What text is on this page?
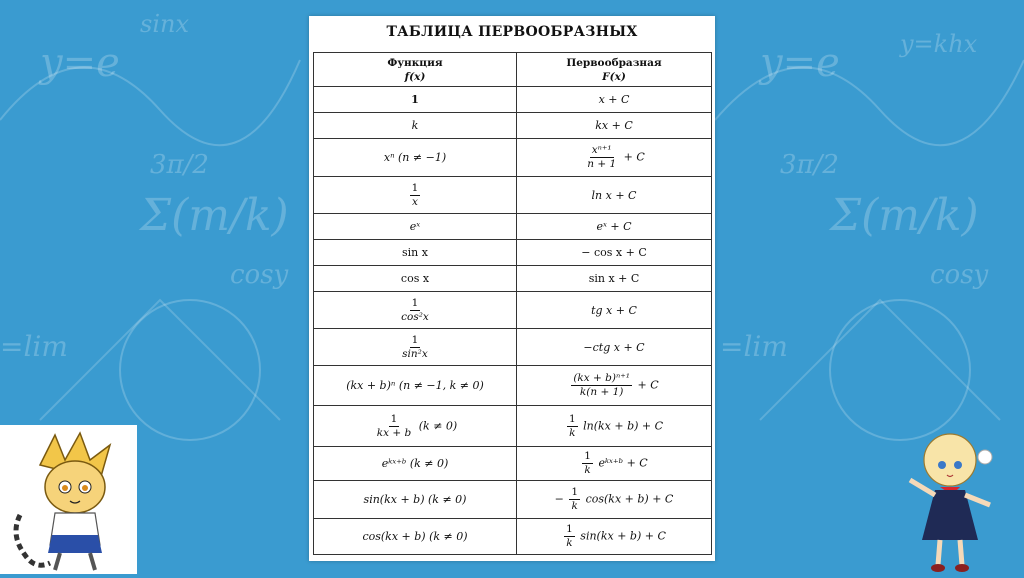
y=e
sinx
y=e	y=khx
3π/2	3π/2
Σ(m/k)	Σ(m/k)
cosy	cosy
=lim	=lim
ТАБЛИЦА ПЕРВООБРАЗНЫХ
Функция
f(x)	Первообразная
F(x)

1	x + C
k	kx + C
xⁿ (n ≠ −1)	$\frac{\text{xⁿ⁺¹}}{n + 1} + C$

$\frac{1}{x}$	ln x + C
eˣ	eˣ + C
sin x	− cos x + C
cos x	sin x + C

$\frac{1}{\text{cos²x}}$	tg x + C

$\frac{1}{\text{sin²x}}$	−ctg x + C
(kx + b)ⁿ (n ≠ −1, k ≠ 0)	$\frac{\text{(kx + b)ⁿ⁺¹}}{k(n + 1)} + C$

$\frac{1}{kx + b} (k \ne 0)$	$\frac{1}{k} \ln(kx + b) + C$
eᵏˣ⁺ᵇ (k ≠ 0)	$\frac{1}{k}$ eᵏˣ⁺ᵇ + C
sin(kx + b) (k ≠ 0)	− $\frac{1}{k} \cos(kx + b) + C$
cos(kx + b) (k ≠ 0)	$\frac{1}{k} \sin(kx + b) + C$
